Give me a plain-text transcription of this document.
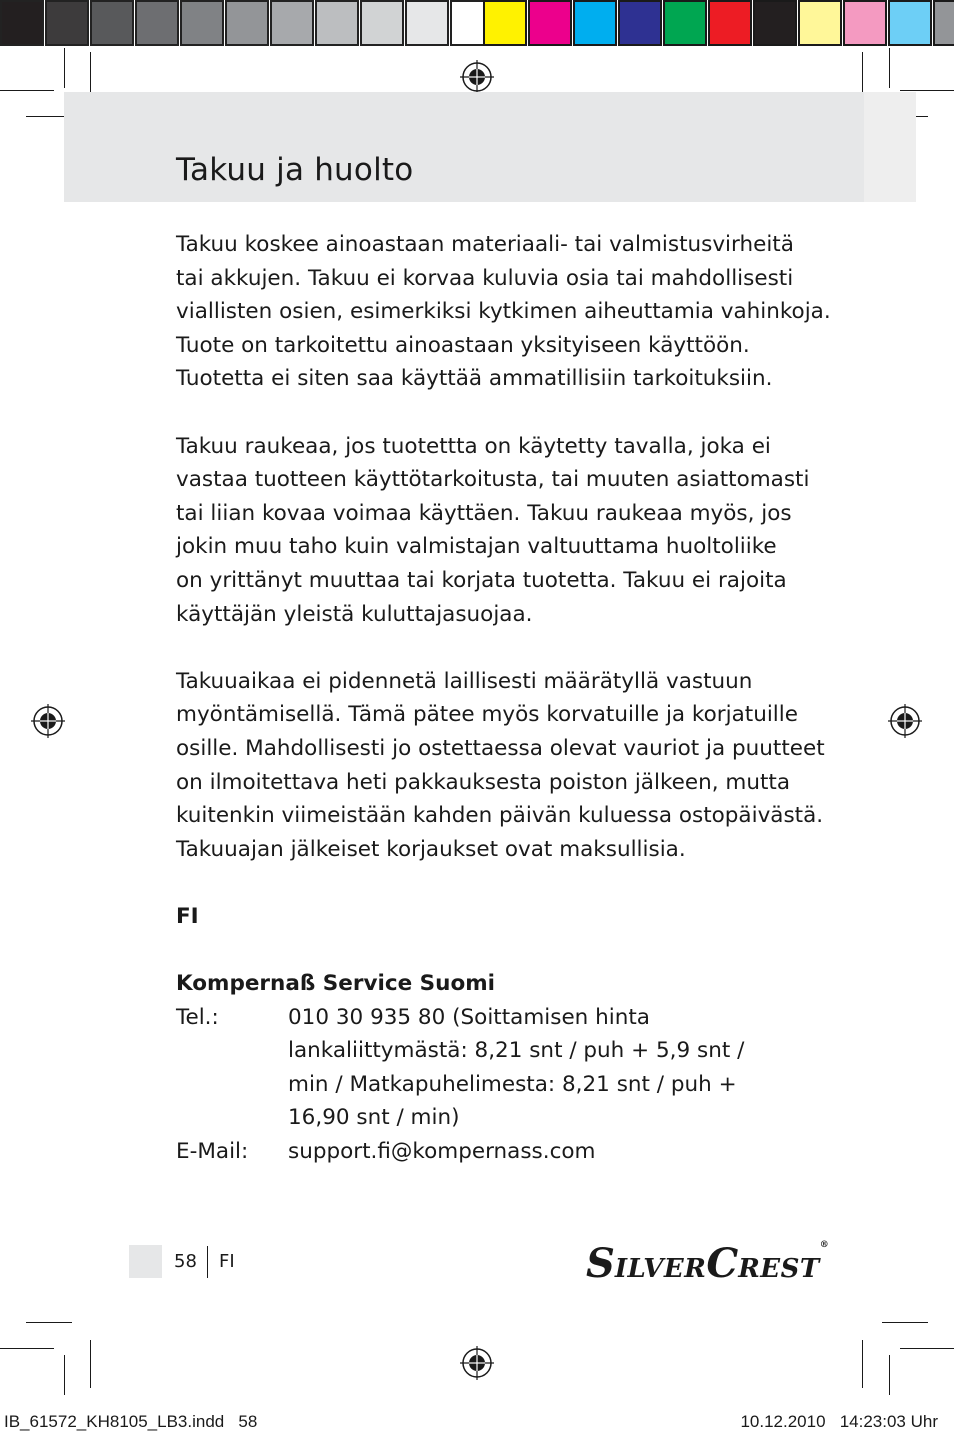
Takuu ja huolto

Takuu koskee ainoastaan materiaali- tai valmistusvirheitä
tai akkujen. Takuu ei korvaa kuluvia osia tai mahdollisesti
viallisten osien, esimerkiksi kytkimen aiheuttamia vahinkoja.
Tuote on tarkoitettu ainoastaan yksityiseen käyttöön.
Tuotetta ei siten saa käyttää ammatillisiin tarkoituksiin.

Takuu raukeaa, jos tuotettta on käytetty tavalla, joka ei
vastaa tuotteen käyttötarkoitusta, tai muuten asiattomasti
tai liian kovaa voimaa käyttäen. Takuu raukeaa myös, jos
jokin muu taho kuin valmistajan valtuuttama huoltoliike
on yrittänyt muuttaa tai korjata tuotetta. Takuu ei rajoita
käyttäjän yleistä kuluttajasuojaa.

Takuuaikaa ei pidennetä laillisesti määrätyllä vastuun
myöntämisellä. Tämä pätee myös korvatuille ja korjatuille
osille. Mahdollisesti jo ostettaessa olevat vauriot ja puutteet
on ilmoitettava heti pakkauksesta poiston jälkeen, mutta
kuitenkin viimeistään kahden päivän kuluessa ostopäivästä.
Takuuajan jälkeiset korjaukset ovat maksullisia.

FI

Kompernaß Service Suomi

Tel.:	010 30 935 80 (Soittamisen hinta
lankaliittymästä: 8,21 snt / puh + 5,9 snt /
min / Matkapuhelimesta: 8,21 snt / puh +
16,90 snt / min)
E-Mail:	support.fi@kompernass.com
58 FI	SILVERCREST®
IB_61572_KH8105_LB3.indd   58	10.12.2010   14:23:03 Uhr
